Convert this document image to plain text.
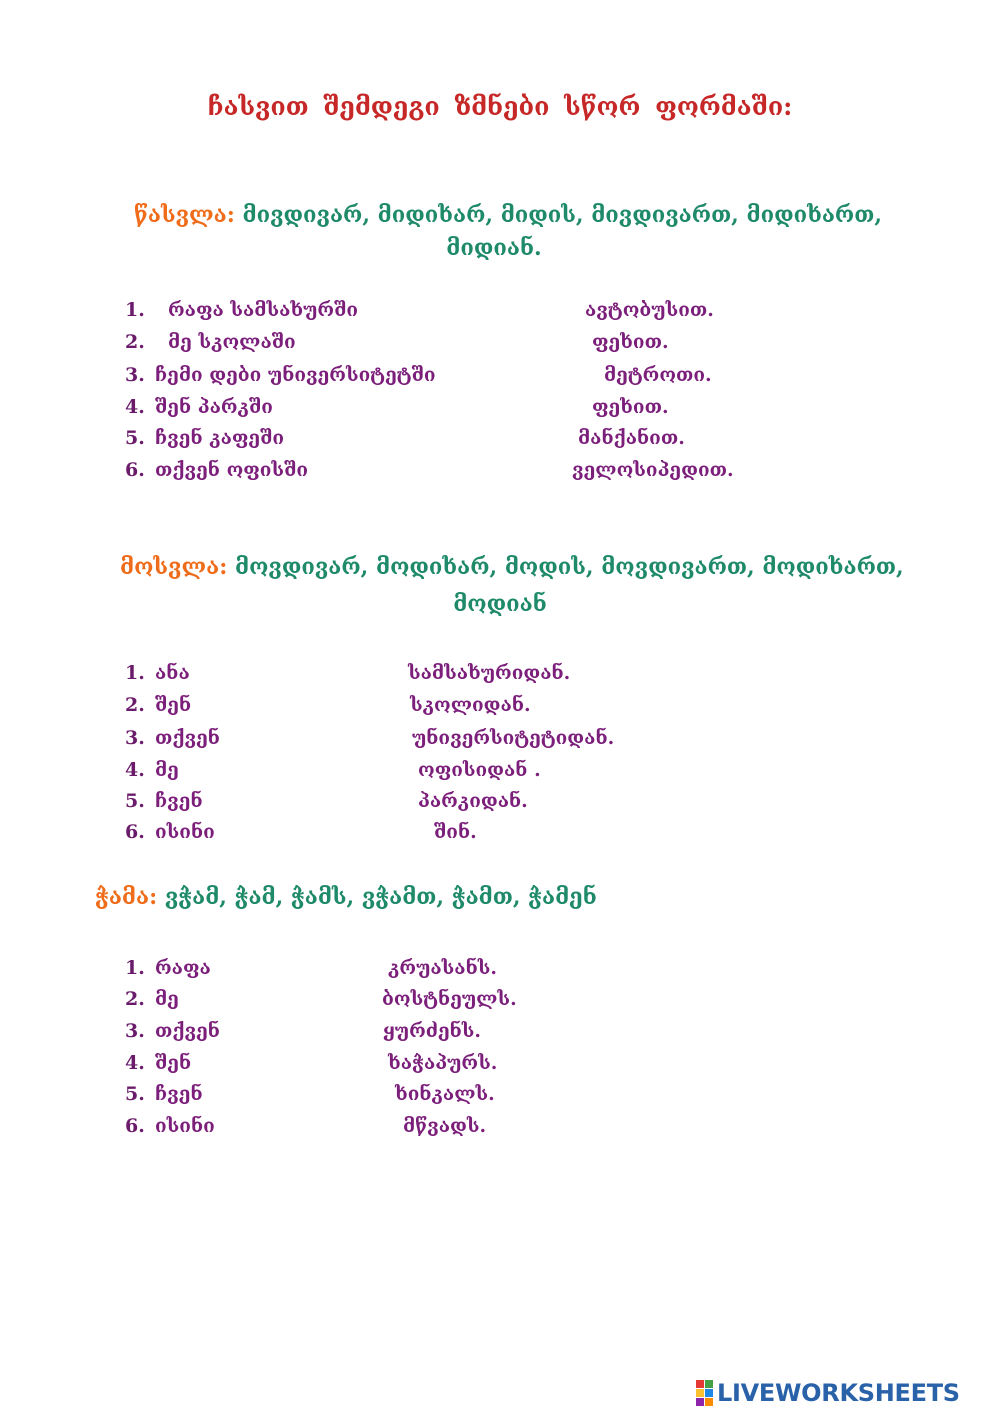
ჩასვით შემდეგი ზმნები სწორ ფორმაში:
წასვლა: მივდივარ, მიდიხარ, მიდის, მივდივართ, მიდიხართ,
მიდიან.
1. რაფა სამსახურში	ავტობუსით.
2. მე სკოლაში	ფეხით.
3. ჩემი დები უნივერსიტეტში	მეტროთი.
4. შენ პარკში	ფეხით.
5. ჩვენ კაფეში	მანქანით.
6. თქვენ ოფისში	ველოსიპედით.
მოსვლა: მოვდივარ, მოდიხარ, მოდის, მოვდივართ, მოდიხართ,
მოდიან
1. ანა	სამსახურიდან.
2. შენ	სკოლიდან.
3. თქვენ	უნივერსიტეტიდან.
4. მე	ოფისიდან .
5. ჩვენ	პარკიდან.
6. ისინი	შინ.
ჭამა: ვჭამ, ჭამ, ჭამს, ვჭამთ, ჭამთ, ჭამენ
1. რაფა	კრუასანს.
2. მე	ბოსტნეულს.
3. თქვენ	ყურძენს.
4. შენ	ხაჭაპურს.
5. ჩვენ	ხინკალს.
6. ისინი	მწვადს.
LIVEWORKSHEETS
